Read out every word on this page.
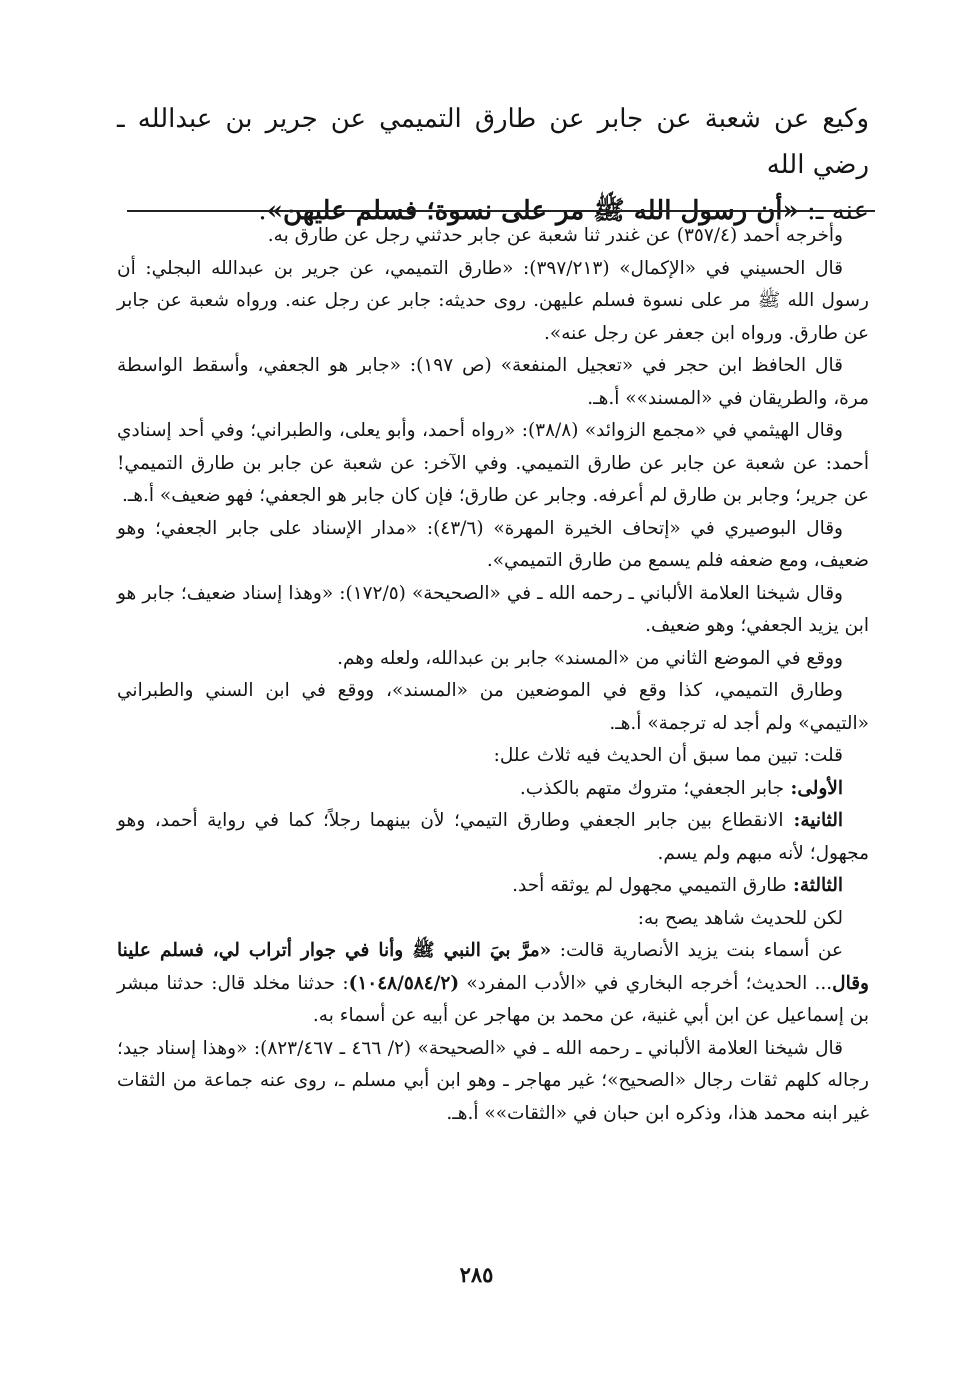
وكيع عن شعبة عن جابر عن طارق التميمي عن جرير بن عبدالله ـ رضي الله

عنه ـ: «أن رسول الله ﷺ مر على نسوة؛ فسلم عليهن».

وأخرجه أحمد (٣٥٧/٤) عن غندر ثنا شعبة عن جابر حدثني رجل عن طارق به.

قال الحسيني في «الإكمال» (٣٩٧/٢١٣): «طارق التميمي، عن جرير بن عبدالله البجلي: أن رسول الله ﷺ مر على نسوة فسلم عليهن. روى حديثه: جابر عن رجل عنه. ورواه شعبة عن جابر عن طارق. ورواه ابن جعفر عن رجل عنه».

قال الحافظ ابن حجر في «تعجيل المنفعة» (ص ١٩٧): «جابر هو الجعفي، وأسقط الواسطة مرة، والطريقان في «المسند»» أ.هـ.

وقال الهيثمي في «مجمع الزوائد» (٣٨/٨): «رواه أحمد، وأبو يعلى، والطبراني؛ وفي أحد إسنادي أحمد: عن شعبة عن جابر عن طارق التميمي. وفي الآخر: عن شعبة عن جابر بن طارق التميمي! عن جرير؛ وجابر بن طارق لم أعرفه. وجابر عن طارق؛ فإن كان جابر هو الجعفي؛ فهو ضعيف» أ.هـ.

وقال البوصيري في «إتحاف الخيرة المهرة» (٤٣/٦): «مدار الإسناد على جابر الجعفي؛ وهو ضعيف، ومع ضعفه فلم يسمع من طارق التميمي».

وقال شيخنا العلامة الألباني ـ رحمه الله ـ في «الصحيحة» (١٧٢/٥): «وهذا إسناد ضعيف؛ جابر هو ابن يزيد الجعفي؛ وهو ضعيف.

ووقع في الموضع الثاني من «المسند» جابر بن عبدالله، ولعله وهم.

وطارق التميمي، كذا وقع في الموضعين من «المسند»، ووقع في ابن السني والطبراني «التيمي» ولم أجد له ترجمة» أ.هـ.

قلت: تبين مما سبق أن الحديث فيه ثلاث علل:

الأولى: جابر الجعفي؛ متروك متهم بالكذب.

الثانية: الانقطاع بين جابر الجعفي وطارق التيمي؛ لأن بينهما رجلاً؛ كما في رواية أحمد، وهو مجهول؛ لأنه مبهم ولم يسم.

الثالثة: طارق التميمي مجهول لم يوثقه أحد.

لكن للحديث شاهد يصح به:

عن أسماء بنت يزيد الأنصارية قالت: «مرَّ بيَ النبي ﷺ وأنا في جوار أتراب لي، فسلم علينا وقال... الحديث؛ أخرجه البخاري في «الأدب المفرد» (١٠٤٨/٥٨٤/٢): حدثنا مخلد قال: حدثنا مبشر بن إسماعيل عن ابن أبي غنية، عن محمد بن مهاجر عن أبيه عن أسماء به.

قال شيخنا العلامة الألباني ـ رحمه الله ـ في «الصحيحة» (٢/ ٤٦٦ ـ ٨٢٣/٤٦٧): «وهذا إسناد جيد؛ رجاله كلهم ثقات رجال «الصحيح»؛ غير مهاجر ـ وهو ابن أبي مسلم ـ، روى عنه جماعة من الثقات غير ابنه محمد هذا، وذكره ابن حبان في «الثقات»» أ.هـ.

٢٨٥
